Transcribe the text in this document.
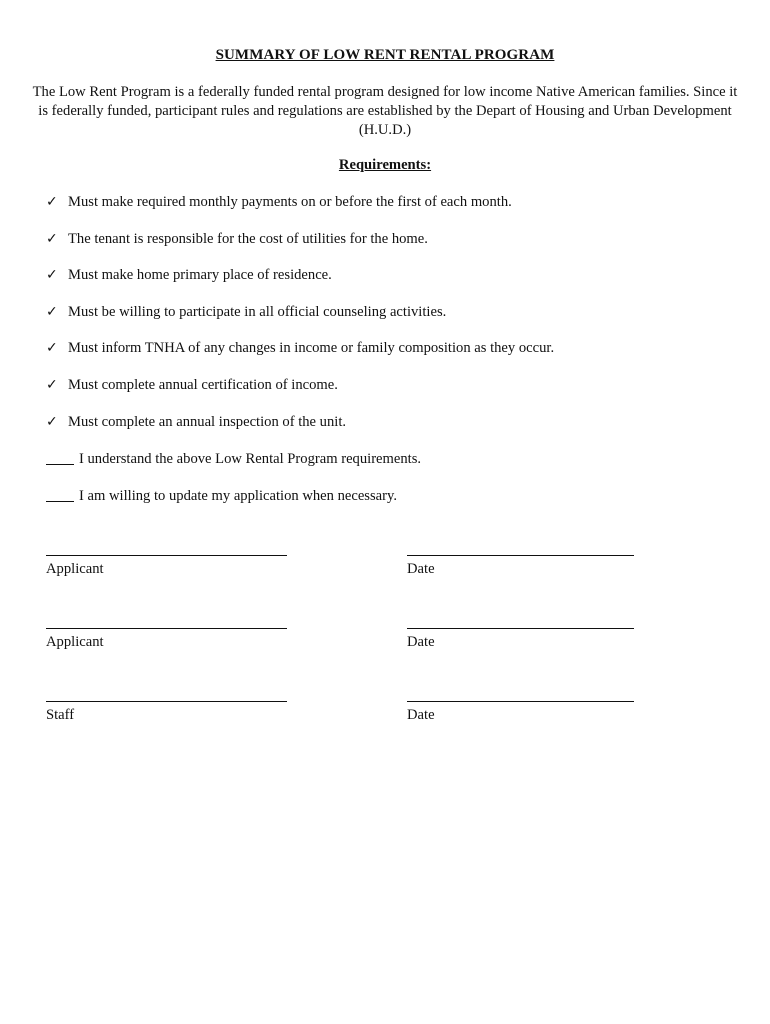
SUMMARY OF LOW RENT RENTAL PROGRAM
The Low Rent Program is a federally funded rental program designed for low income Native American families. Since it is federally funded, participant rules and regulations are established by the Depart of Housing and Urban Development (H.U.D.)
Requirements:
✓ Must make required monthly payments on or before the first of each month.
✓ The tenant is responsible for the cost of utilities for the home.
✓ Must make home primary place of residence.
✓ Must be willing to participate in all official counseling activities.
✓ Must inform TNHA of any changes in income or family composition as they occur.
✓ Must complete annual certification of income.
✓ Must complete an annual inspection of the unit.
I understand the above Low Rental Program requirements.
I am willing to update my application when necessary.
Applicant	Date
Applicant	Date
Staff	Date
